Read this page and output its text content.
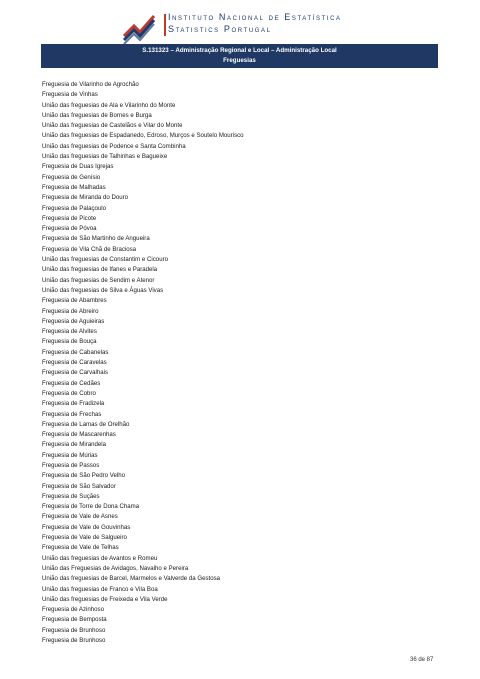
Instituto Nacional de Estatística
Statistics Portugal
S.131323 – Administração Regional e Local – Administração Local
Freguesias
Freguesia de Vilarinho de Agrochão
Freguesia de Vinhas
União das freguesias de Ala e Vilarinho do Monte
União das freguesias de Bornes e Burga
União das freguesias de Castelãos e Vilar do Monte
União das freguesias de Espadanedo, Edroso, Murços e Soutelo Mourisco
União das freguesias de Podence e Santa Combinha
União das freguesias de Talhinhas e Bagueixe
Freguesia de Duas Igrejas
Freguesia de Genísio
Freguesia de Malhadas
Freguesia de Miranda do Douro
Freguesia de Palaçoulo
Freguesia de Picote
Freguesia de Póvoa
Freguesia de São Martinho de Angueira
Freguesia de Vila Chã de Braciosa
União das freguesias de Constantim e Cicouro
União das freguesias de Ifanes e Paradela
União das freguesias de Sendim e Atenor
União das freguesias de Silva e Águas Vivas
Freguesia de Abambres
Freguesia de Abreiro
Freguesia de Aguieiras
Freguesia de Alvites
Freguesia de Bouça
Freguesia de Cabanelas
Freguesia de Caravelas
Freguesia de Carvalhais
Freguesia de Cedães
Freguesia de Cobro
Freguesia de Fradizela
Freguesia de Frechas
Freguesia de Lamas de Orelhão
Freguesia de Mascarenhas
Freguesia de Mirandela
Freguesia de Múrias
Freguesia de Passos
Freguesia de São Pedro Velho
Freguesia de São Salvador
Freguesia de Suçães
Freguesia de Torre de Dona Chama
Freguesia de Vale de Asnes
Freguesia de Vale de Gouvinhas
Freguesia de Vale de Salgueiro
Freguesia de Vale de Telhas
União das freguesias de Avantos e Romeu
União das Freguesias de Avidagos, Navalho e Pereira
União das freguesias de Barcel, Marmelos e Valverde da Gestosa
União das freguesias de Franco e Vila Boa
União das freguesias de Freixeda e Vila Verde
Freguesia de Azinhoso
Freguesia de Bemposta
Freguesia de Brunhoso
Freguesia de Brunhoso
36 de 87
